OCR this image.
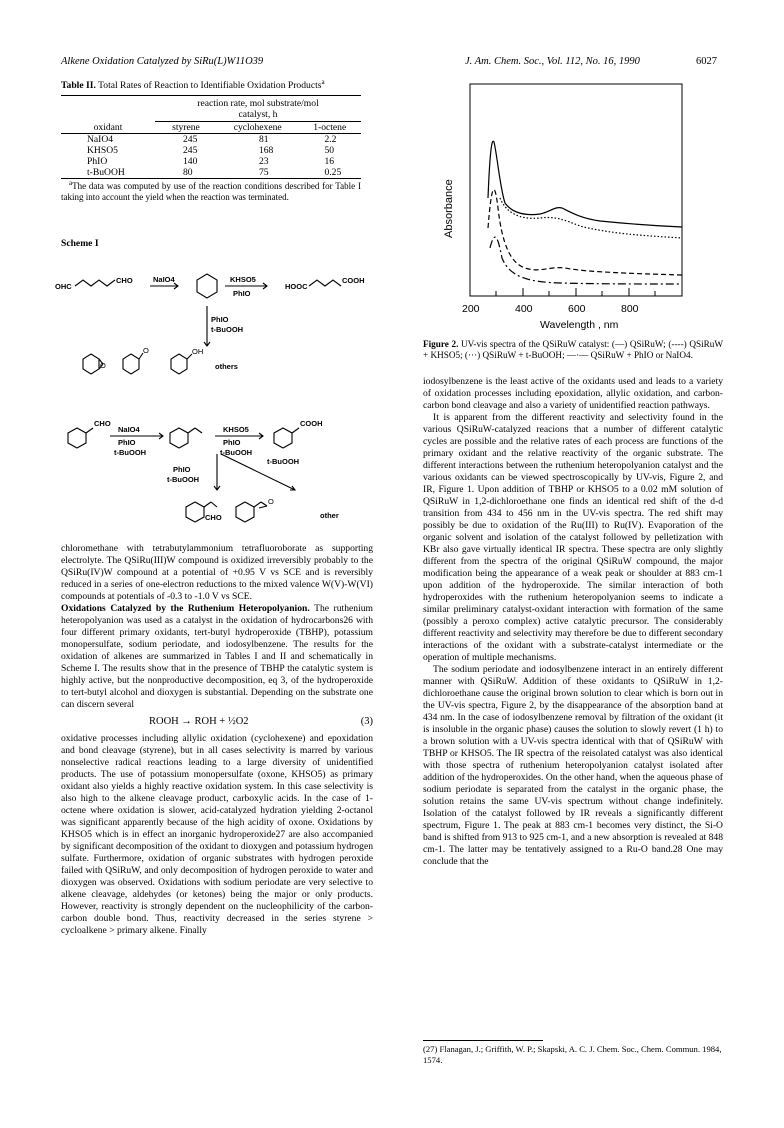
Alkene Oxidation Catalyzed by SiRu(L)W11O39	J. Am. Chem. Soc., Vol. 112, No. 16, 1990	6027
Table II. Total Rates of Reaction to Identifiable Oxidation Products$^a$
	reaction rate, mol substrate/mol catalyst, h		
oxidant	styrene	cyclohexene	1-octene
NaIO4	245	81	2.2
KHSO5	245	168	50
PhIO	140	23	16
t-BuOOH	80	75	0.25
$^a$The data was computed by use of the reaction conditions described for Table I taking into account the yield when the reaction was terminated.
Scheme I
OHC
CHO	NaIO4	KHSO5
PhIO
HOOC
COOH
PhIO
t-BuOOH
O
O	OH
others
CHO
NaIO4
PhIO
t-BuOOH
KHSO5
PhIO
t-BuOOH
COOH
PhIO
t-BuOOH
t-BuOOH
CHO
O
other
Absorbance
200	400	600	800
Wavelength , nm
Figure 2. UV-vis spectra of the QSiRuW catalyst: (—) QSiRuW; (----) QSiRuW + KHSO5; (···) QSiRuW + t-BuOOH; —·— QSiRuW + PhIO or NaIO4.

chloromethane with tetrabutylammonium tetrafluoroborate as supporting electrolyte. The QSiRu(III)W compound is oxidized irreversibly probably to the QSiRu(IV)W compound at a potential of +0.95 V vs SCE and is reversibly reduced in a series of one-electron reductions to the mixed valence W(V)-W(VI) compounds at potentials of -0.3 to -1.0 V vs SCE.

Oxidations Catalyzed by the Ruthenium Heteropolyanion. The ruthenium heteropolyanion was used as a catalyst in the oxidation of hydrocarbons26 with four different primary oxidants, tert-butyl hydroperoxide (TBHP), potassium monopersulfate, sodium periodate, and iodosylbenzene. The results for the oxidation of alkenes are summarized in Tables I and II and schematically in Scheme I. The results show that in the presence of TBHP the catalytic system is highly active, but the nonproductive decomposition, eq 3, of the hydroperoxide to tert-butyl alcohol and dioxygen is substantial. Depending on the substrate one can discern several

ROOH → ROH + ½O2	(3)

oxidative processes including allylic oxidation (cyclohexene) and epoxidation and bond cleavage (styrene), but in all cases selectivity is marred by various nonselective radical reactions leading to a large diversity of unidentified products. The use of potassium monopersulfate (oxone, KHSO5) as primary oxidant also yields a highly reactive oxidation system. In this case selectivity is also high to the alkene cleavage product, carboxylic acids. In the case of 1-octene where oxidation is slower, acid-catalyzed hydration yielding 2-octanol was significant apparently because of the high acidity of oxone. Oxidations by KHSO5 which is in effect an inorganic hydroperoxide27 are also accompanied by significant decomposition of the oxidant to dioxygen and potassium hydrogen sulfate. Furthermore, oxidation of organic substrates with hydrogen peroxide failed with QSiRuW, and only decomposition of hydrogen peroxide to water and dioxygen was observed. Oxidations with sodium periodate are very selective to alkene cleavage, aldehydes (or ketones) being the major or only products. However, reactivity is strongly dependent on the nucleophilicity of the carbon-carbon double bond. Thus, reactivity decreased in the series styrene > cycloalkene > primary alkene. Finally

iodosylbenzene is the least active of the oxidants used and leads to a variety of oxidation processes including epoxidation, allylic oxidation, and carbon-carbon bond cleavage and also a variety of unidentified reaction pathways.

It is apparent from the different reactivity and selectivity found in the various QSiRuW-catalyzed reacions that a number of different catalytic cycles are possible and the relative rates of each process are functions of the primary oxidant and the relative reactivity of the organic substrate. The different interactions between the ruthenium heteropolyanion catalyst and the various oxidants can be viewed spectroscopically by UV-vis, Figure 2, and IR, Figure 1. Upon addition of TBHP or KHSO5 to a 0.02 mM solution of QSiRuW in 1,2-dichloroethane one finds an identical red shift of the d-d transition from 434 to 456 nm in the UV-vis spectra. The red shift may possibly be due to oxidation of the Ru(III) to Ru(IV). Evaporation of the organic solvent and isolation of the catalyst followed by pelletization with KBr also gave virtually identical IR spectra. These spectra are only slightly different from the spectra of the original QSiRuW compound, the major modification being the appearance of a weak peak or shoulder at 883 cm-1 upon addition of the hydroperoxide. The similar interaction of both hydroperoxides with the ruthenium heteropolyanion seems to indicate a similar preliminary catalyst-oxidant interaction with formation of the same (possibly a peroxo complex) active catalytic precursor. The considerably different reactivity and selectivity may therefore be due to different secondary interactions of the oxidant with a substrate-catalyst intermediate or the operation of multiple mechanisms.

The sodium periodate and iodosylbenzene interact in an entirely different manner with QSiRuW. Addition of these oxidants to QSiRuW in 1,2-dichloroethane cause the original brown solution to clear which is born out in the UV-vis spectra, Figure 2, by the disappearance of the absorption band at 434 nm. In the case of iodosylbenzene removal by filtration of the oxidant (it is insoluble in the organic phase) causes the solution to slowly revert (1 h) to a brown solution with a UV-vis spectra identical with that of QSiRuW with TBHP or KHSO5. The IR spectra of the reisolated catalyst was also identical with those spectra of ruthenium heteropolyanion catalyst isolated after addition of the hydroperoxides. On the other hand, when the aqueous phase of sodium periodate is separated from the catalyst in the organic phase, the solution retains the same UV-vis spectrum without change indefinitely. Isolation of the catalyst followed by IR reveals a significantly different spectrum, Figure 1. The peak at 883 cm-1 becomes very distinct, the Si-O band is shifted from 913 to 925 cm-1, and a new absorption is revealed at 848 cm-1. The latter may be tentatively assigned to a Ru-O band.28 One may conclude that the

(27) Flanagan, J.; Griffith, W. P.; Skapski, A. C. J. Chem. Soc., Chem. Commun. 1984, 1574.
